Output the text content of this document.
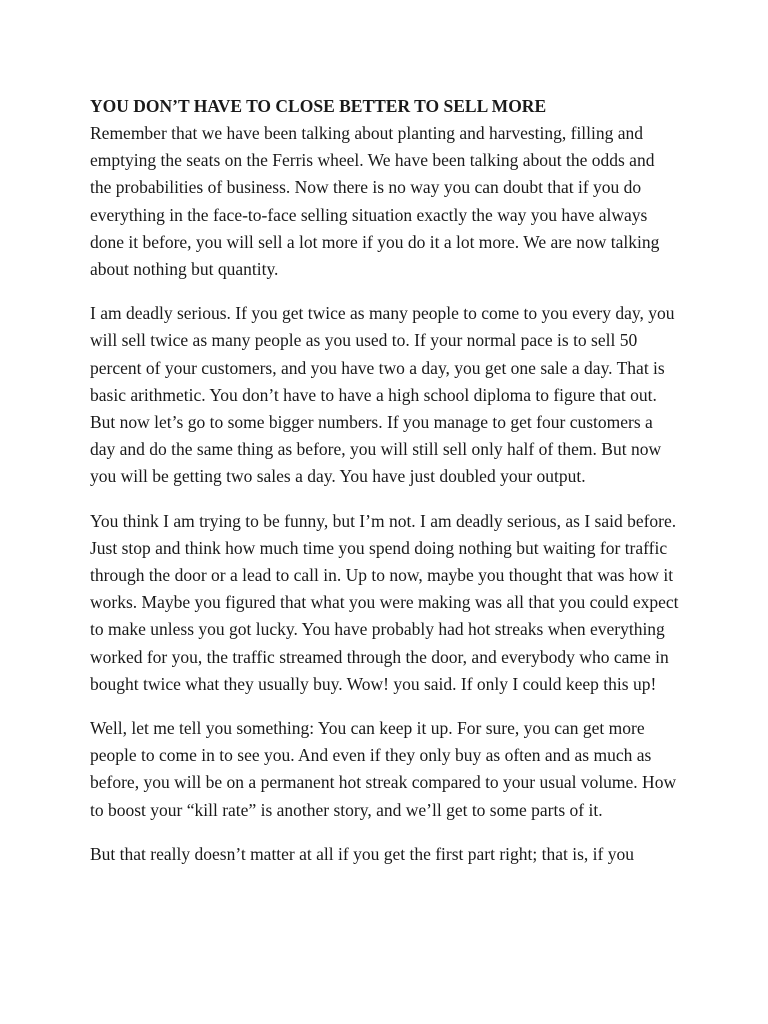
YOU DON’T HAVE TO CLOSE BETTER TO SELL MORE

Remember that we have been talking about planting and harvesting, filling and emptying the seats on the Ferris wheel. We have been talking about the odds and the probabilities of business. Now there is no way you can doubt that if you do everything in the face-to-face selling situation exactly the way you have always done it before, you will sell a lot more if you do it a lot more. We are now talking about nothing but quantity.

I am deadly serious. If you get twice as many people to come to you every day, you will sell twice as many people as you used to. If your normal pace is to sell 50 percent of your customers, and you have two a day, you get one sale a day. That is basic arithmetic. You don’t have to have a high school diploma to figure that out. But now let’s go to some bigger numbers. If you manage to get four customers a day and do the same thing as before, you will still sell only half of them. But now you will be getting two sales a day. You have just doubled your output.

You think I am trying to be funny, but I’m not. I am deadly serious, as I said before. Just stop and think how much time you spend doing nothing but waiting for traffic through the door or a lead to call in. Up to now, maybe you thought that was how it works. Maybe you figured that what you were making was all that you could expect to make unless you got lucky. You have probably had hot streaks when everything worked for you, the traffic streamed through the door, and everybody who came in bought twice what they usually buy. Wow! you said. If only I could keep this up!

Well, let me tell you something: You can keep it up. For sure, you can get more people to come in to see you. And even if they only buy as often and as much as before, you will be on a permanent hot streak compared to your usual volume. How to boost your “kill rate” is another story, and we’ll get to some parts of it.

But that really doesn’t matter at all if you get the first part right; that is, if you
